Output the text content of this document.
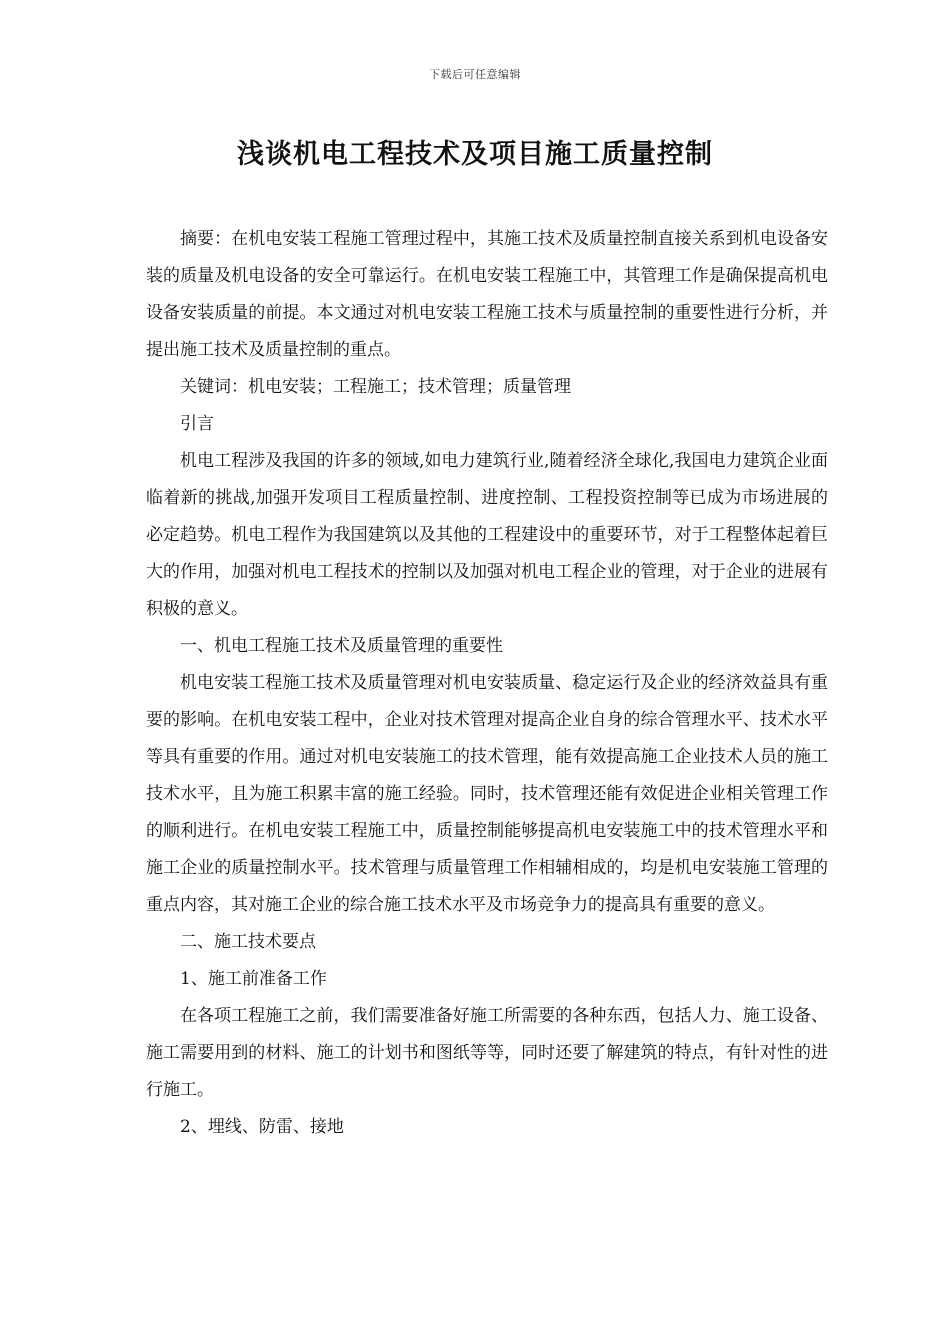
下载后可任意编辑
浅谈机电工程技术及项目施工质量控制

摘要：在机电安装工程施工管理过程中，其施工技术及质量控制直接关系到机电设备安装的质量及机电设备的安全可靠运行。在机电安装工程施工中，其管理工作是确保提高机电设备安装质量的前提。本文通过对机电安装工程施工技术与质量控制的重要性进行分析，并提出施工技术及质量控制的重点。

关键词：机电安装；工程施工；技术管理；质量管理

引言

机电工程涉及我国的许多的领域,如电力建筑行业,随着经济全球化,我国电力建筑企业面临着新的挑战,加强开发项目工程质量控制、进度控制、工程投资控制等已成为市场进展的必定趋势。机电工程作为我国建筑以及其他的工程建设中的重要环节，对于工程整体起着巨大的作用，加强对机电工程技术的控制以及加强对机电工程企业的管理，对于企业的进展有积极的意义。

一、机电工程施工技术及质量管理的重要性

机电安装工程施工技术及质量管理对机电安装质量、稳定运行及企业的经济效益具有重要的影响。在机电安装工程中，企业对技术管理对提高企业自身的综合管理水平、技术水平等具有重要的作用。通过对机电安装施工的技术管理，能有效提高施工企业技术人员的施工技术水平，且为施工积累丰富的施工经验。同时，技术管理还能有效促进企业相关管理工作的顺利进行。在机电安装工程施工中，质量控制能够提高机电安装施工中的技术管理水平和施工企业的质量控制水平。技术管理与质量管理工作相辅相成的，均是机电安装施工管理的重点内容，其对施工企业的综合施工技术水平及市场竞争力的提高具有重要的意义。

二、施工技术要点

1、施工前准备工作

在各项工程施工之前，我们需要准备好施工所需要的各种东西，包括人力、施工设备、施工需要用到的材料、施工的计划书和图纸等等，同时还要了解建筑的特点，有针对性的进行施工。

2、埋线、防雷、接地
